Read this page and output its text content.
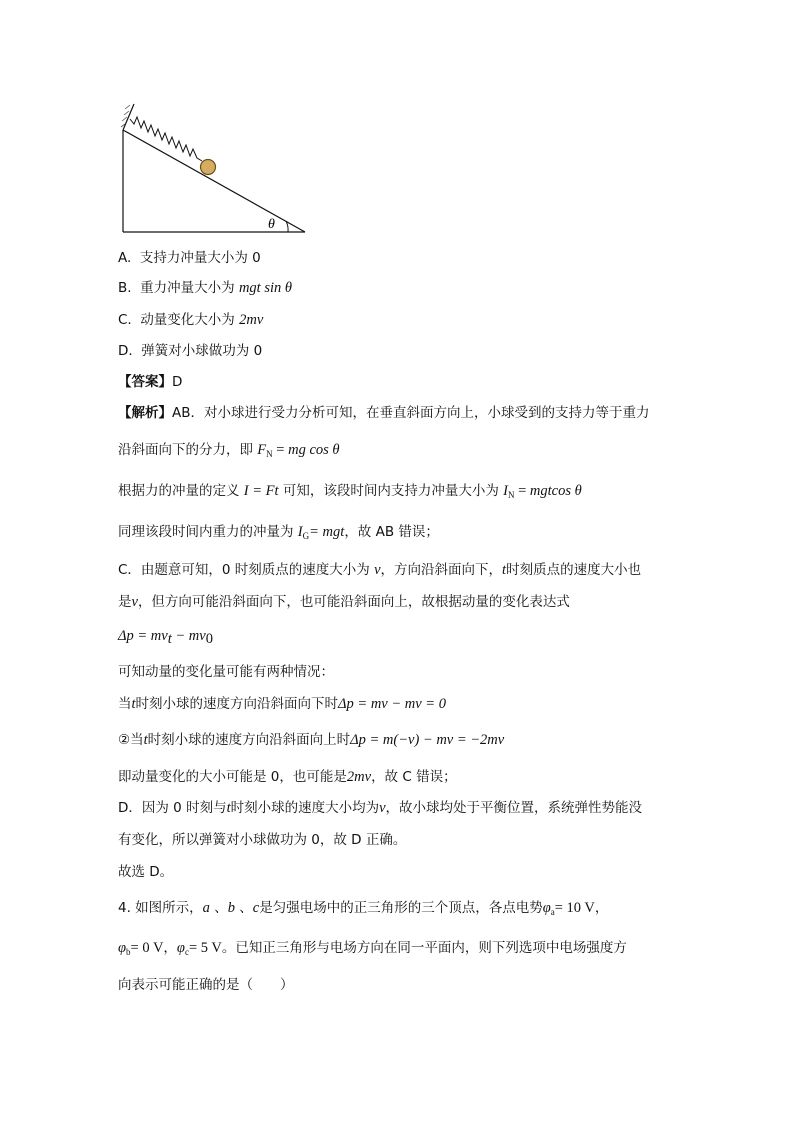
θ
A. 支持力冲量大小为 0
B. 重力冲量大小为 mgt sin θ
C. 动量变化大小为 2mv
D. 弹簧对小球做功为 0
【答案】D
【解析】AB．对小球进行受力分析可知，在垂直斜面方向上，小球受到的支持力等于重力
沿斜面向下的分力，即 $F_N$ = mg cos θ
根据力的冲量的定义 I = Ft 可知，该段时间内支持力冲量大小为 $I_N = mgtcos$ θ
同理该段时间内重力的冲量为 $I_G=$ mgt，故 AB 错误；
C．由题意可知，0 时刻质点的速度大小为 v，方向沿斜面向下，t时刻质点的速度大小也
是v，但方向可能沿斜面向下，也可能沿斜面向上，故根据动量的变化表达式
$\Delta p = mv_t - mv_0$
可知动量的变化量可能有两种情况：
当t时刻小球的速度方向沿斜面向下时Δp = mv − mv = 0
②当t时刻小球的速度方向沿斜面向上时Δp = m(−v) − mv = −2mv
即动量变化的大小可能是 0，也可能是2mv，故 C 错误；
D．因为 0 时刻与t时刻小球的速度大小均为v，故小球均处于平衡位置，系统弹性势能没
有变化，所以弹簧对小球做功为 0，故 D 正确。
故选 D。
4. 如图所示，a 、b 、c是匀强电场中的正三角形的三个顶点，各点电势$\varphi_a= 10$ V，
$\varphi_b= 0$ V，$\varphi_c= 5$ V。已知正三角形与电场方向在同一平面内，则下列选项中电场强度方
向表示可能正确的是（　　）
